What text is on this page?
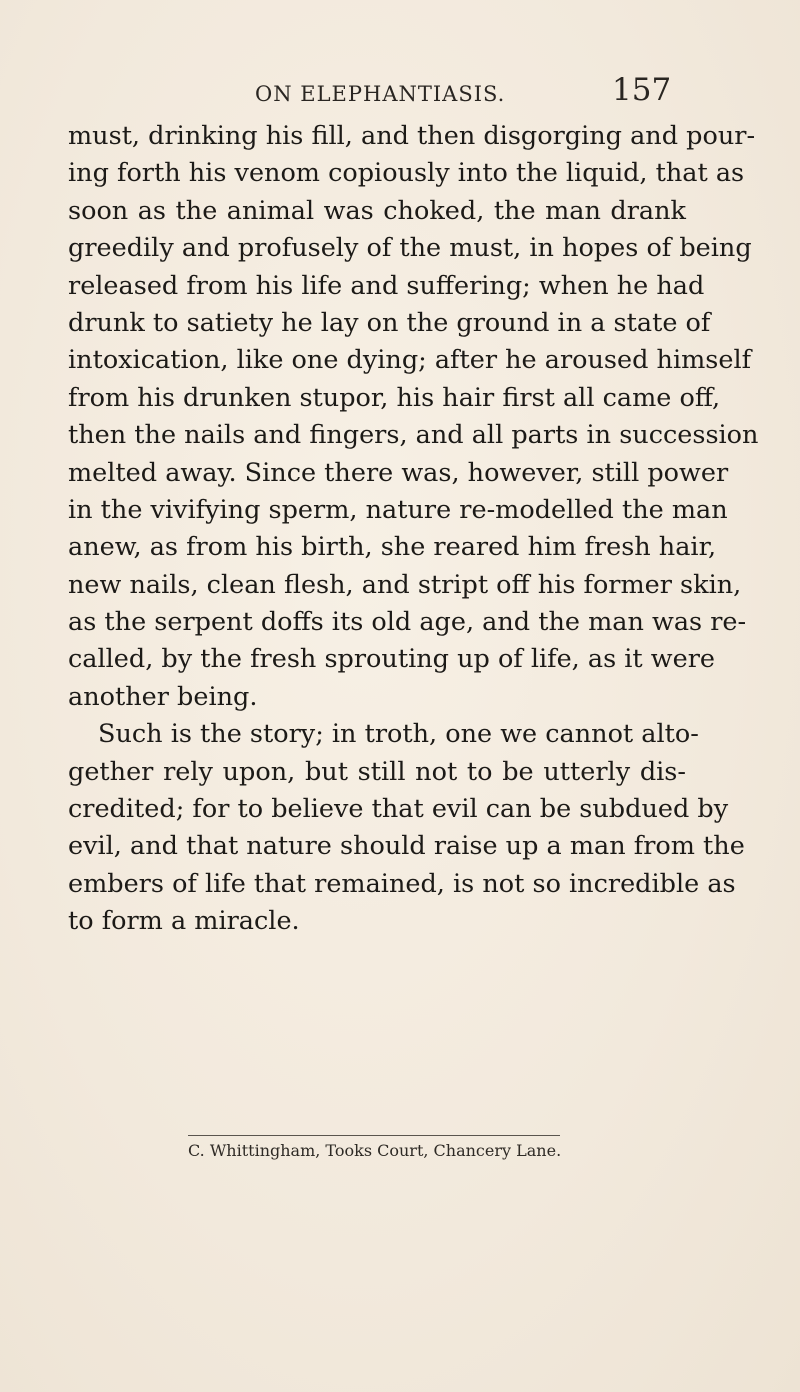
ON ELEPHANTIASIS.	157
must, drinking his fill, and then disgorging and pour-
ing forth his venom copiously into the liquid, that as
soon as the animal was choked, the man drank
greedily and profusely of the must, in hopes of being
released from his life and suffering; when he had
drunk to satiety he lay on the ground in a state of
intoxication, like one dying; after he aroused himself
from his drunken stupor, his hair first all came off,
then the nails and fingers, and all parts in succession
melted away. Since there was, however, still power
in the vivifying sperm, nature re-modelled the man
anew, as from his birth, she reared him fresh hair,
new nails, clean flesh, and stript off his former skin,
as the serpent doffs its old age, and the man was re-
called, by the fresh sprouting up of life, as it were
another being.
Such is the story; in troth, one we cannot alto-
gether rely upon, but still not to be utterly dis-
credited; for to believe that evil can be subdued by
evil, and that nature should raise up a man from the
embers of life that remained, is not so incredible as
to form a miracle.
C. Whittingham, Tooks Court, Chancery Lane.
